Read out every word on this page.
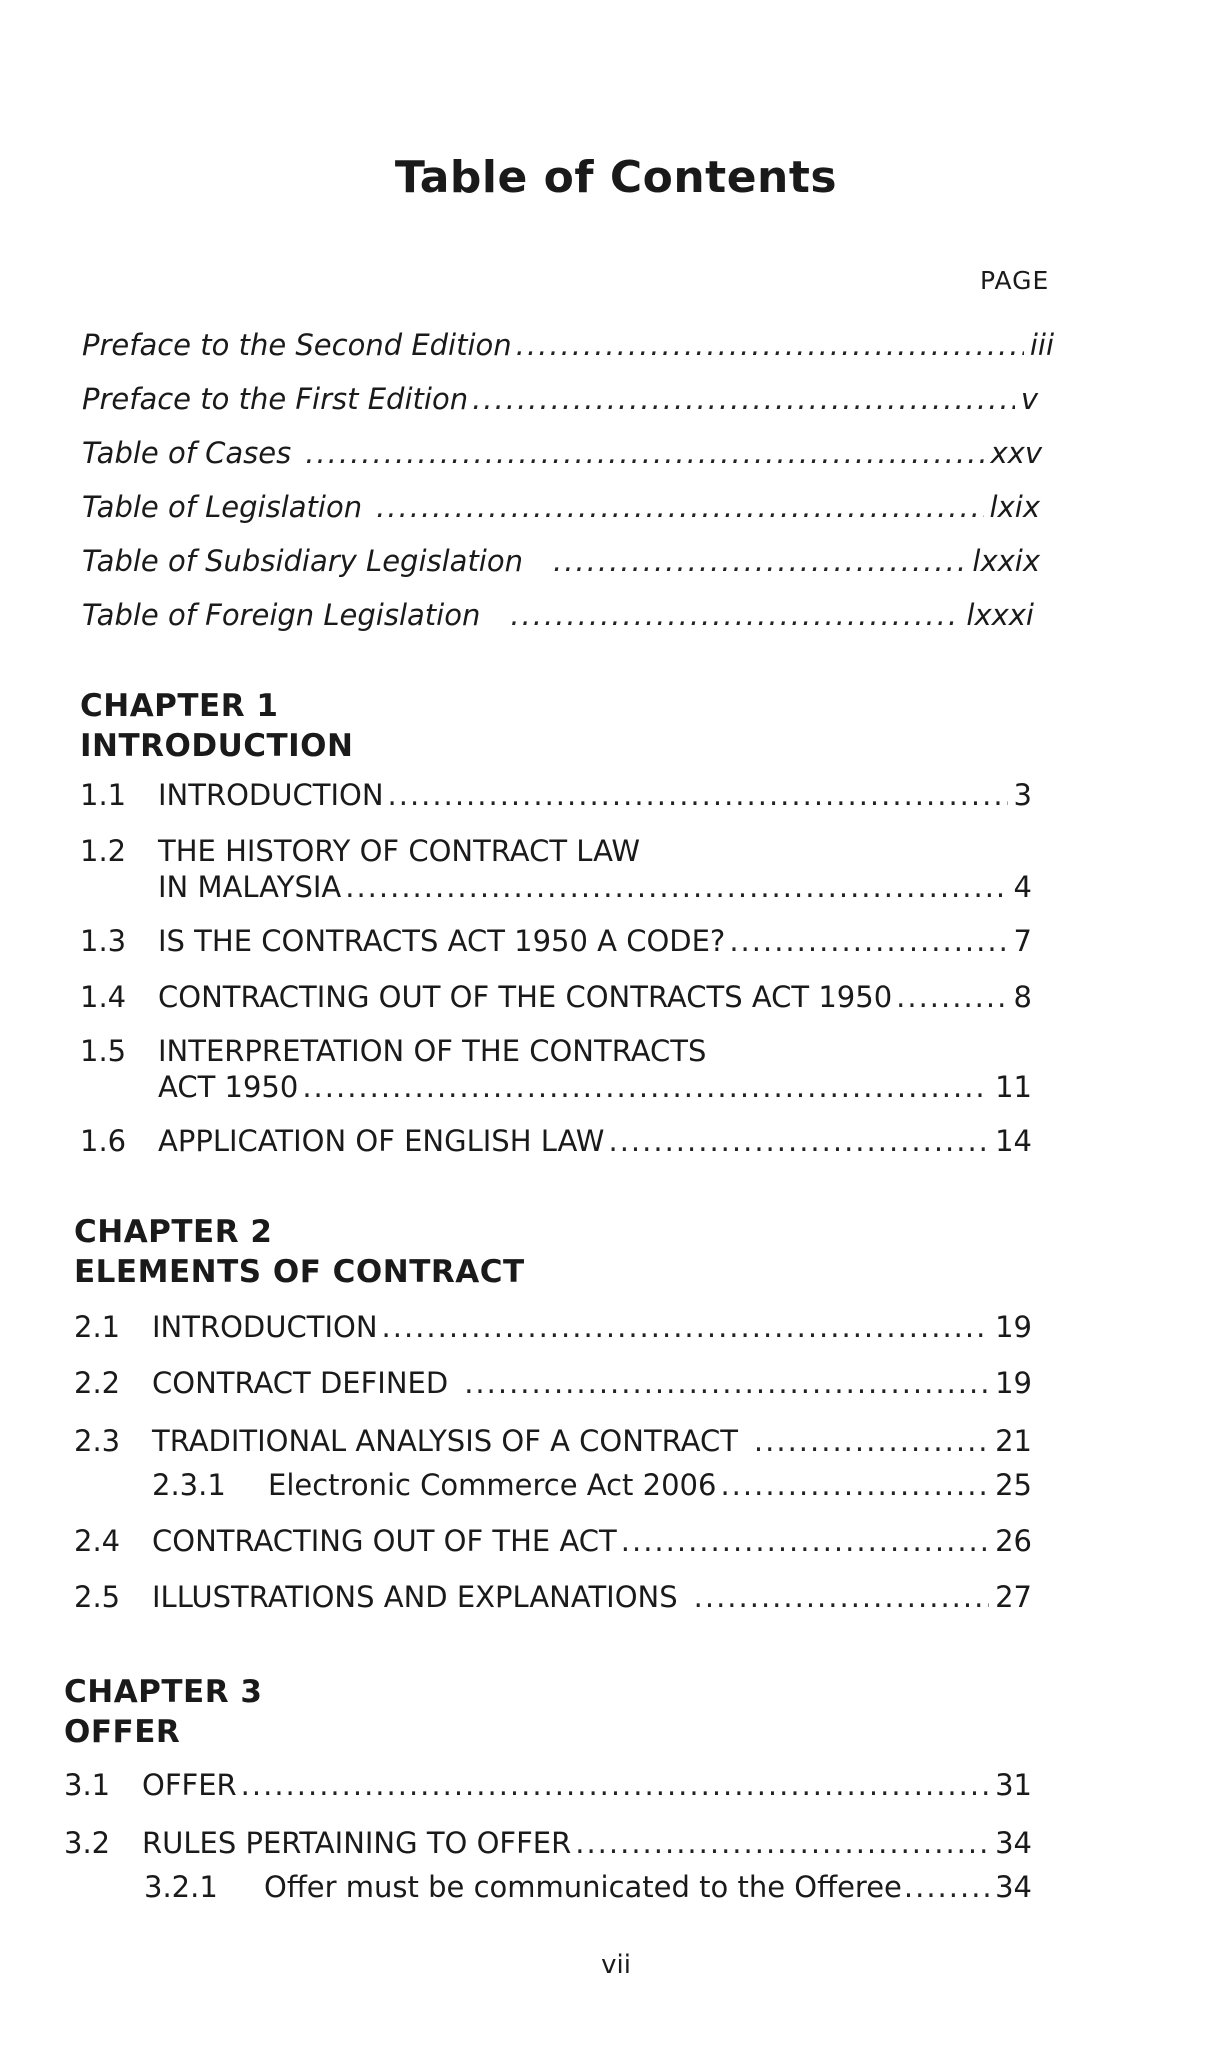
Table of Contents
PAGE
Preface to the Second Edition .....	iii
Preface to the First Edition .....	v
Table of Cases .....	xxv
Table of Legislation .....	lxix
Table of Subsidiary Legislation .....	lxxix
Table of Foreign Legislation .....	lxxxi
CHAPTER 1
INTRODUCTION
1.1	INTRODUCTION .....	3
1.2	THE HISTORY OF CONTRACT LAW
IN MALAYSIA .....	4
1.3	IS THE CONTRACTS ACT 1950 A CODE? .....	7
1.4	CONTRACTING OUT OF THE CONTRACTS ACT 1950 .....	8
1.5	INTERPRETATION OF THE CONTRACTS
ACT 1950 .....	11
1.6	APPLICATION OF ENGLISH LAW .....	14
CHAPTER 2
ELEMENTS OF CONTRACT
2.1	INTRODUCTION .....	19
2.2	CONTRACT DEFINED .....	19
2.3	TRADITIONAL ANALYSIS OF A CONTRACT .....	21
2.3.1	Electronic Commerce Act 2006 .....	25
2.4	CONTRACTING OUT OF THE ACT .....	26
2.5	ILLUSTRATIONS AND EXPLANATIONS .....	27
CHAPTER 3
OFFER
3.1	OFFER .....	31
3.2	RULES PERTAINING TO OFFER .....	34
3.2.1	Offer must be communicated to the Offeree .....	34
vii
